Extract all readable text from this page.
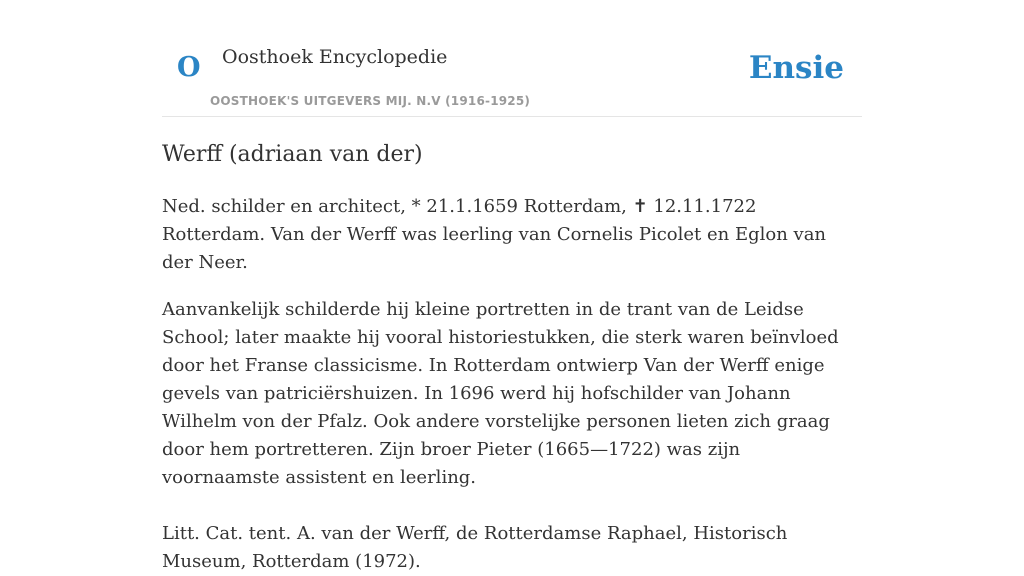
O Oosthoek Encyclopedie
OOSTHOEK'S UITGEVERS MIJ. N.V (1916-1925)
Ensie
Werff (adriaan van der)

Ned. schilder en architect, * 21.1.1659 Rotterdam, ✝ 12.11.1722 Rotterdam. Van der Werff was leerling van Cornelis Picolet en Eglon van der Neer.

Aanvankelijk schilderde hij kleine portretten in de trant van de Leidse School; later maakte hij vooral historiestukken, die sterk waren beïnvloed door het Franse classicisme. In Rotterdam ontwierp Van der Werff enige gevels van patriciërshuizen. In 1696 werd hij hofschilder van Johann Wilhelm von der Pfalz. Ook andere vorstelijke personen lieten zich graag door hem portretteren. Zijn broer Pieter (1665—1722) was zijn voornaamste assistent en leerling.

Litt. Cat. tent. A. van der Werff, de Rotterdamse Raphael, Historisch Museum, Rotterdam (1972).
